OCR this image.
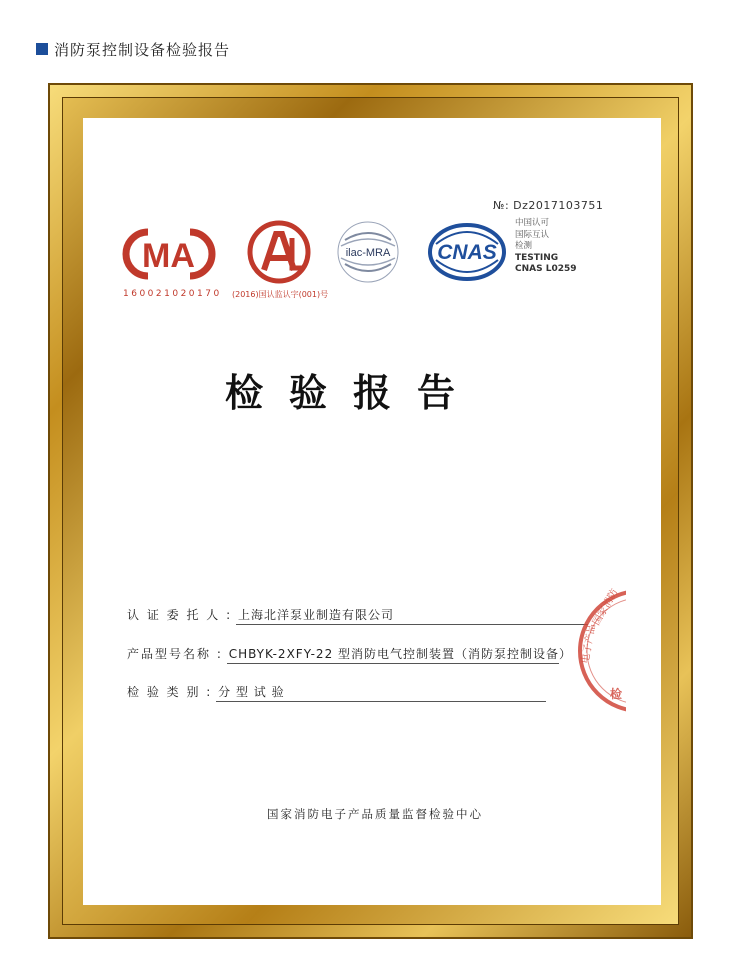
消防泵控制设备检验报告
№: Dz2017103751
MA
160021020170 (2016)国认监认字(001)号
ilac-MRA CNAS
中国认可
国际互认
检测
TESTING
CNAS L0259
检验报告
认 证 委 托 人 : 上海北洋泵业制造有限公司
产品型号名称 : CHBYK-2XFY-22 型消防电气控制装置（消防泵控制设备）
检 验 类 别 : 分 型 试 验
国家消防
电子产品
检
国家消防电子产品质量监督检验中心
